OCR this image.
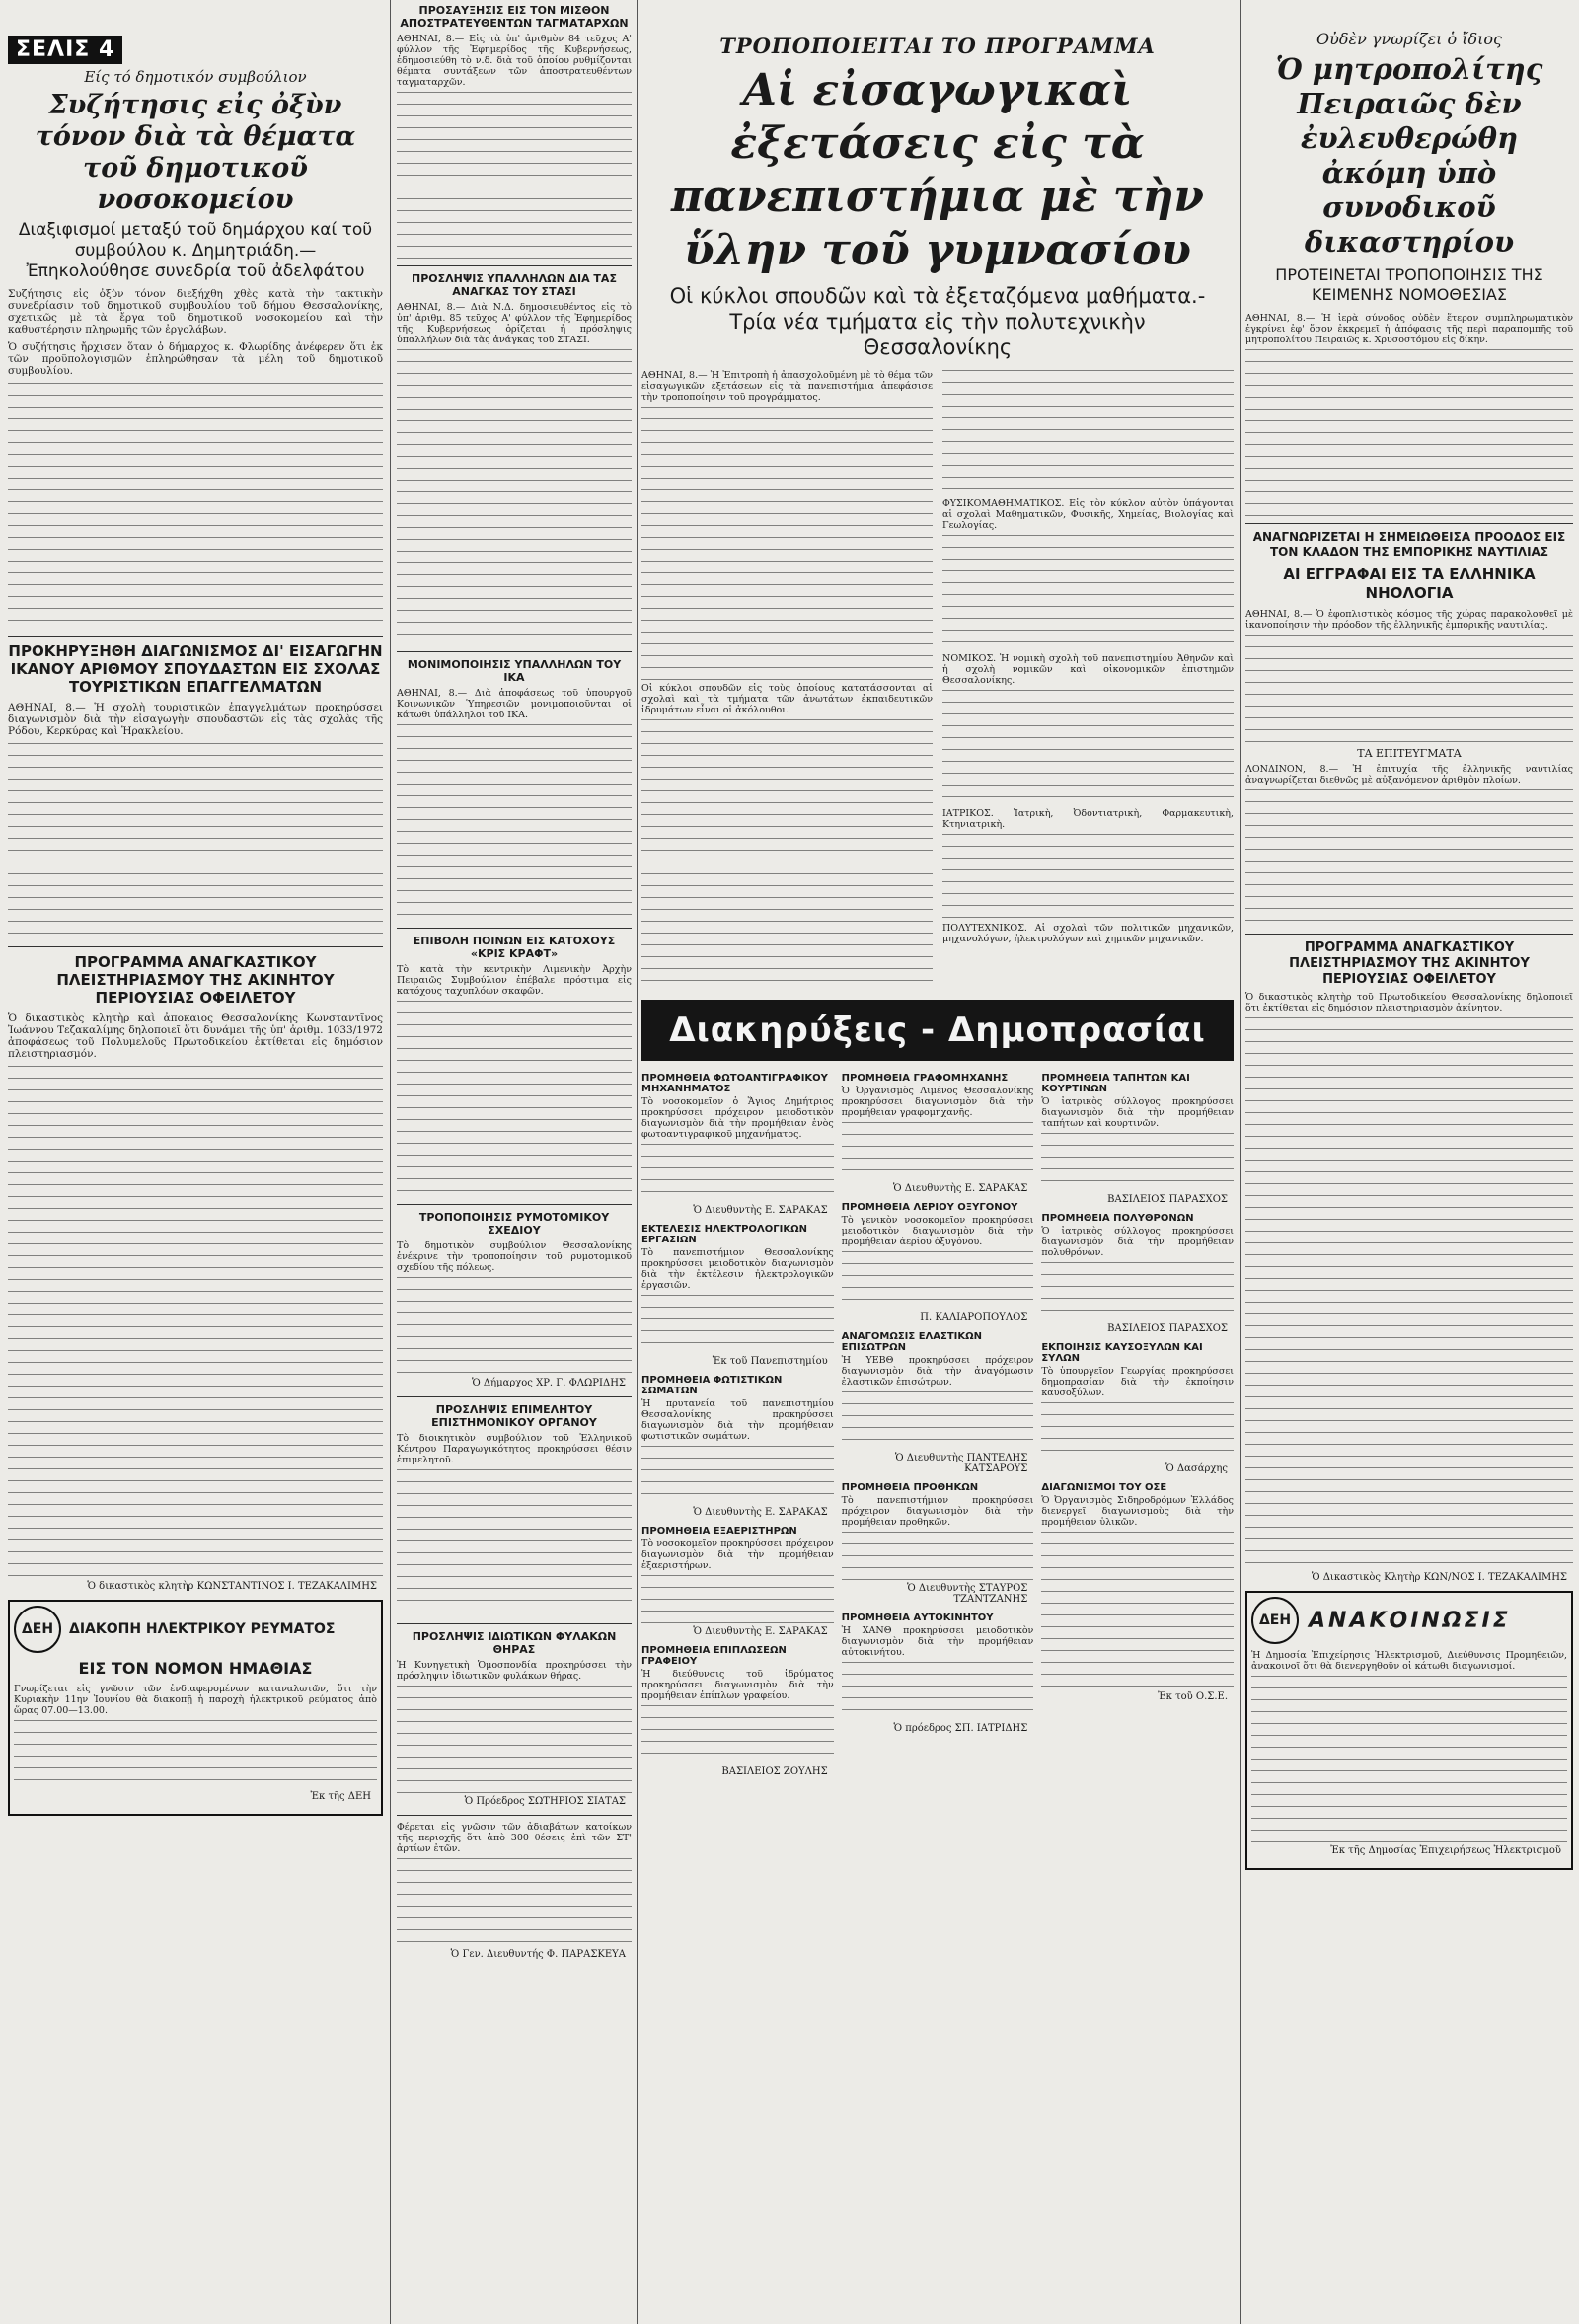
ΣΕΛΙΣ 4
Είς τό δημοτικόν συμβούλιον
Συζήτησις εἰς ὀξὺν τόνον διὰ τὰ θέματα τοῦ δημοτικοῦ νοσοκομείου
Διαξιφισμοί μεταξύ τοῦ δημάρχου καί τοῦ συμβούλου κ. Δημητριάδη.— Ἐπηκολούθησε συνεδρία τοῦ ἀδελφάτου

Συζήτησις εἰς ὀξὺν τόνον διεξήχθη χθὲς κατὰ τὴν τακτικὴν συνεδρίασιν τοῦ δημοτικοῦ συμβουλίου τοῦ δήμου Θεσσαλονίκης, σχετικῶς μὲ τὰ ἔργα τοῦ δημοτικοῦ νοσοκομείου καὶ τὴν καθυστέρησιν πληρωμῆς τῶν ἐργολάβων.

Ὁ συζήτησις ἤρχισεν ὅταν ὁ δήμαρχος κ. Φλωρίδης ἀνέφερεν ὅτι ἐκ τῶν προϋπολογισμῶν ἐπληρώθησαν τὰ μέλη τοῦ δημοτικοῦ συμβουλίου.

ΠΡΟΚΗΡΥΞΗΘΗ ΔΙΑΓΩΝΙΣΜΟΣ ΔΙ' ΕΙΣΑΓΩΓΗΝ ΙΚΑΝΟΥ ΑΡΙΘΜΟΥ ΣΠΟΥΔΑΣΤΩΝ ΕΙΣ ΣΧΟΛΑΣ ΤΟΥΡΙΣΤΙΚΩΝ ΕΠΑΓΓΕΛΜΑΤΩΝ

ΑΘΗΝΑΙ, 8.— Ἡ σχολὴ τουριστικῶν ἐπαγγελμάτων προκηρύσσει διαγωνισμὸν διὰ τὴν εἰσαγωγὴν σπουδαστῶν εἰς τὰς σχολὰς τῆς Ρόδου, Κερκύρας καὶ Ἡρακλείου.

ΠΡΟΓΡΑΜΜΑ ΑΝΑΓΚΑΣΤΙΚΟΥ ΠΛΕΙΣΤΗΡΙΑΣΜΟΥ ΤΗΣ ΑΚΙΝΗΤΟΥ ΠΕΡΙΟΥΣΙΑΣ ΟΦΕΙΛΕΤΟΥ

Ὁ δικαστικὸς κλητὴρ καὶ ἀποκαιος Θεσσαλονίκης Κωνσταντῖνος Ἰωάννου Τεζακαλίμης δηλοποιεῖ ὅτι δυνάμει τῆς ὑπ' ἀριθμ. 1033/1972 ἀποφάσεως τοῦ Πολυμελοῦς Πρωτοδικείου ἐκτίθεται εἰς δημόσιον πλειστηριασμόν.

Ὁ δικαστικὸς κλητὴρ ΚΩΝΣΤΑΝΤΙΝΟΣ Ι. ΤΕΖΑΚΑΛΙΜΗΣ
ΔΕΗ	ΔΙΑΚΟΠΗ ΗΛΕΚΤΡΙΚΟΥ ΡΕΥΜΑΤΟΣ
ΕΙΣ ΤΟΝ ΝΟΜΟΝ ΗΜΑΘΙΑΣ

Γνωρίζεται εἰς γνῶσιν τῶν ἐνδιαφερομένων καταναλωτῶν, ὅτι τὴν Κυριακὴν 11ην Ἰουνίου θὰ διακοπῇ ἡ παροχὴ ἠλεκτρικοῦ ρεύματος ἀπὸ ὥρας 07.00—13.00.

Ἐκ τῆς ΔΕΗ
ΠΡΟΣΑΥΞΗΣΙΣ ΕΙΣ ΤΟΝ ΜΙΣΘΟΝ ΑΠΟΣΤΡΑΤΕΥΘΕΝΤΩΝ ΤΑΓΜΑΤΑΡΧΩΝ

ΑΘΗΝΑΙ, 8.— Εἰς τὰ ὑπ' ἀριθμὸν 84 τεῦχος Α' φύλλον τῆς Ἐφημερίδος τῆς Κυβερνήσεως, ἐδημοσιεύθη τὸ ν.δ. διὰ τοῦ ὁποίου ρυθμίζονται θέματα συντάξεων τῶν ἀποστρατευθέντων ταγματαρχῶν.

ΠΡΟΣΛΗΨΙΣ ΥΠΑΛΛΗΛΩΝ ΔΙΑ ΤΑΣ ΑΝΑΓΚΑΣ ΤΟΥ ΣΤΑΣΙ

ΑΘΗΝΑΙ, 8.— Διὰ Ν.Δ. δημοσιευθέντος εἰς τὸ ὑπ' ἀριθμ. 85 τεῦχος Α' φύλλον τῆς Ἐφημερίδος τῆς Κυβερνήσεως ὁρίζεται ἡ πρόσληψις ὑπαλλήλων διὰ τὰς ἀνάγκας τοῦ ΣΤΑΣΙ.

ΜΟΝΙΜΟΠΟΙΗΣΙΣ ΥΠΑΛΛΗΛΩΝ ΤΟΥ ΙΚΑ

ΑΘΗΝΑΙ, 8.— Διὰ ἀποφάσεως τοῦ ὑπουργοῦ Κοινωνικῶν Ὑπηρεσιῶν μονιμοποιοῦνται οἱ κάτωθι ὑπάλληλοι τοῦ ΙΚΑ.

ΕΠΙΒΟΛΗ ΠΟΙΝΩΝ ΕΙΣ ΚΑΤΟΧΟΥΣ «ΚΡΙΣ ΚΡΑΦΤ»

Τὸ κατὰ τὴν κεντρικὴν Λιμενικὴν Ἀρχὴν Πειραιῶς Συμβούλιον ἐπέβαλε πρόστιμα εἰς κατόχους ταχυπλόων σκαφῶν.

ΤΡΟΠΟΠΟΙΗΣΙΣ ΡΥΜΟΤΟΜΙΚΟΥ ΣΧΕΔΙΟΥ

Τὸ δημοτικὸν συμβούλιον Θεσσαλονίκης ἐνέκρινε τὴν τροποποίησιν τοῦ ρυμοτομικοῦ σχεδίου τῆς πόλεως.

Ὁ Δήμαρχος ΧΡ. Γ. ΦΛΩΡΙΔΗΣ
ΠΡΟΣΛΗΨΙΣ ΕΠΙΜΕΛΗΤΟΥ ΕΠΙΣΤΗΜΟΝΙΚΟΥ ΟΡΓΑΝΟΥ

Τὸ διοικητικὸν συμβούλιον τοῦ Ἑλληνικοῦ Κέντρου Παραγωγικότητος προκηρύσσει θέσιν ἐπιμελητοῦ.

ΠΡΟΣΛΗΨΙΣ ΙΔΙΩΤΙΚΩΝ ΦΥΛΑΚΩΝ ΘΗΡΑΣ

Ἡ Κυνηγετικὴ Ὁμοσπονδία προκηρύσσει τὴν πρόσληψιν ἰδιωτικῶν φυλάκων θήρας.

Ὁ Πρόεδρος ΣΩΤΗΡΙΟΣ ΣΙΑΤΑΣ

Φέρεται εἰς γνῶσιν τῶν ἀδιαβάτων κατοίκων τῆς περιοχῆς ὅτι ἀπὸ 300 θέσεις ἐπὶ τῶν ΣΤ' ἀρτίων ἐτῶν.

Ὁ Γεν. Διευθυντής Φ. ΠΑΡΑΣΚΕΥΑ
ΤΡΟΠΟΠΟΙΕΙΤΑΙ ΤΟ ΠΡΟΓΡΑΜΜΑ
Αἱ εἰσαγωγικαὶ ἐξετάσεις εἰς τὰ πανεπιστήμια μὲ τὴν ὕλην τοῦ γυμνασίου
Οἱ κύκλοι σπουδῶν καὶ τὰ ἐξεταζόμενα μαθήματα.- Τρία νέα τμήματα εἰς τὴν πολυτεχνικὴν Θεσσαλονίκης

ΑΘΗΝΑΙ, 8.— Ἡ Ἐπιτροπὴ ἡ ἀπασχολοῦμένη μὲ τὸ θέμα τῶν εἰσαγωγικῶν ἐξετάσεων εἰς τὰ πανεπιστήμια ἀπεφάσισε τὴν τροποποίησιν τοῦ προγράμματος.

Οἱ κύκλοι σπουδῶν εἰς τοὺς ὁποίους κατατάσσονται αἱ σχολαὶ καὶ τὰ τμήματα τῶν ἀνωτάτων ἐκπαιδευτικῶν ἱδρυμάτων εἶναι οἱ ἀκόλουθοι.

ΦΥΣΙΚΟΜΑΘΗΜΑΤΙΚΟΣ. Εἰς τὸν κύκλον αὐτὸν ὑπάγονται αἱ σχολαὶ Μαθηματικῶν, Φυσικῆς, Χημείας, Βιολογίας καὶ Γεωλογίας.

ΝΟΜΙΚΟΣ. Ἡ νομικὴ σχολὴ τοῦ πανεπιστημίου Ἀθηνῶν καὶ ἡ σχολὴ νομικῶν καὶ οἰκονομικῶν ἐπιστημῶν Θεσσαλονίκης.

ΙΑΤΡΙΚΟΣ. Ἰατρικὴ, Ὀδοντιατρικὴ, Φαρμακευτικὴ, Κτηνιατρικὴ.

ΠΟΛΥΤΕΧΝΙΚΟΣ. Αἱ σχολαὶ τῶν πολιτικῶν μηχανικῶν, μηχανολόγων, ἠλεκτρολόγων καὶ χημικῶν μηχανικῶν.

Διακηρύξεις - Δημοπρασίαι
ΠΡΟΜΗΘΕΙΑ ΦΩΤΟΑΝΤΙΓΡΑΦΙΚΟΥ ΜΗΧΑΝΗΜΑΤΟΣ

Τὸ νοσοκομεῖον ὁ Ἅγιος Δημήτριος προκηρύσσει πρόχειρον μειοδοτικὸν διαγωνισμὸν διὰ τὴν προμήθειαν ἑνὸς φωτοαντιγραφικοῦ μηχανήματος.

Ὁ Διευθυντὴς Ε. ΣΑΡΑΚΑΣ
ΕΚΤΕΛΕΣΙΣ ΗΛΕΚΤΡΟΛΟΓΙΚΩΝ ΕΡΓΑΣΙΩΝ

Τὸ πανεπιστήμιον Θεσσαλονίκης προκηρύσσει μειοδοτικὸν διαγωνισμὸν διὰ τὴν ἐκτέλεσιν ἠλεκτρολογικῶν ἐργασιῶν.

Ἐκ τοῦ Πανεπιστημίου
ΠΡΟΜΗΘΕΙΑ ΦΩΤΙΣΤΙΚΩΝ ΣΩΜΑΤΩΝ

Ἡ πρυτανεία τοῦ πανεπιστημίου Θεσσαλονίκης προκηρύσσει διαγωνισμὸν διὰ τὴν προμήθειαν φωτιστικῶν σωμάτων.

Ὁ Διευθυντὴς Ε. ΣΑΡΑΚΑΣ
ΠΡΟΜΗΘΕΙΑ ΕΞΑΕΡΙΣΤΗΡΩΝ

Τὸ νοσοκομεῖον προκηρύσσει πρόχειρον διαγωνισμὸν διὰ τὴν προμήθειαν ἐξαεριστήρων.

Ὁ Διευθυντὴς Ε. ΣΑΡΑΚΑΣ
ΠΡΟΜΗΘΕΙΑ ΕΠΙΠΛΩΣΕΩΝ ΓΡΑΦΕΙΟΥ

Ἡ διεύθυνσις τοῦ ἱδρύματος προκηρύσσει διαγωνισμὸν διὰ τὴν προμήθειαν ἐπίπλων γραφείου.

ΒΑΣΙΛΕΙΟΣ ΖΟΥΛΗΣ
ΠΡΟΜΗΘΕΙΑ ΓΡΑΦΟΜΗΧΑΝΗΣ

Ὁ Ὀργανισμὸς Λιμένος Θεσσαλονίκης προκηρύσσει διαγωνισμὸν διὰ τὴν προμήθειαν γραφομηχανῆς.

Ὁ Διευθυντὴς Ε. ΣΑΡΑΚΑΣ
ΠΡΟΜΗΘΕΙΑ ΛΕΡΙΟΥ ΟΞΥΓΟΝΟΥ

Τὸ γενικὸν νοσοκομεῖον προκηρύσσει μειοδοτικὸν διαγωνισμὸν διὰ τὴν προμήθειαν ἀερίου ὀξυγόνου.

Π. ΚΑΛΙΑΡΟΠΟΥΛΟΣ
ΑΝΑΓΟΜΩΣΙΣ ΕΛΑΣΤΙΚΩΝ ΕΠΙΣΩΤΡΩΝ

Ἡ ΥΕΒΘ προκηρύσσει πρόχειρον διαγωνισμὸν διὰ τὴν ἀναγόμωσιν ἐλαστικῶν ἐπισώτρων.

Ὁ Διευθυντὴς ΠΑΝΤΕΛΗΣ ΚΑΤΣΑΡΟΥΣ
ΠΡΟΜΗΘΕΙΑ ΠΡΟΘΗΚΩΝ

Τὸ πανεπιστήμιον προκηρύσσει πρόχειρον διαγωνισμὸν διὰ τὴν προμήθειαν προθηκῶν.

Ὁ Διευθυντὴς ΣΤΑΥΡΟΣ ΤΖΑΝΤΖΑΝΗΣ
ΠΡΟΜΗΘΕΙΑ ΑΥΤΟΚΙΝΗΤΟΥ

Ἡ ΧΑΝΘ προκηρύσσει μειοδοτικὸν διαγωνισμὸν διὰ τὴν προμήθειαν αὐτοκινήτου.

Ὁ πρόεδρος ΣΠ. ΙΑΤΡΙΔΗΣ
ΠΡΟΜΗΘΕΙΑ ΤΑΠΗΤΩΝ ΚΑΙ ΚΟΥΡΤΙΝΩΝ

Ὁ ἰατρικὸς σύλλογος προκηρύσσει διαγωνισμὸν διὰ τὴν προμήθειαν ταπήτων καὶ κουρτινῶν.

ΒΑΣΙΛΕΙΟΣ ΠΑΡΑΣΧΟΣ
ΠΡΟΜΗΘΕΙΑ ΠΟΛΥΘΡΟΝΩΝ

Ὁ ἰατρικὸς σύλλογος προκηρύσσει διαγωνισμὸν διὰ τὴν προμήθειαν πολυθρόνων.

ΒΑΣΙΛΕΙΟΣ ΠΑΡΑΣΧΟΣ
ΕΚΠΟΙΗΣΙΣ ΚΑΥΣΟΞΥΛΩΝ ΚΑΙ ΣΥΛΩΝ

Τὸ ὑπουργεῖον Γεωργίας προκηρύσσει δημοπρασίαν διὰ τὴν ἐκποίησιν καυσοξύλων.

Ὁ Δασάρχης
ΔΙΑΓΩΝΙΣΜΟΙ ΤΟΥ ΟΣΕ

Ὁ Ὀργανισμὸς Σιδηροδρόμων Ἑλλάδος διενεργεῖ διαγωνισμοὺς διὰ τὴν προμήθειαν ὑλικῶν.

Ἐκ τοῦ Ο.Σ.Ε.
Οὐδὲν γνωρίζει ὁ ἴδιος
Ὁ μητροπολίτης Πειραιῶς δὲν ἐυλευθερώθη ἀκόμη ὑπὸ συνοδικοῦ δικαστηρίου
ΠΡΟΤΕΙΝΕΤΑΙ ΤΡΟΠΟΠΟΙΗΣΙΣ ΤΗΣ ΚΕΙΜΕΝΗΣ ΝΟΜΟΘΕΣΙΑΣ

ΑΘΗΝΑΙ, 8.— Ἡ ἱερὰ σύνοδος οὐδὲν ἕτερον συμπληρωματικὸν ἐγκρίνει ἐφ' ὅσον ἐκκρεμεῖ ἡ ἀπόφασις τῆς περὶ παραπομπῆς τοῦ μητροπολίτου Πειραιῶς κ. Χρυσοστόμου εἰς δίκην.

ΑΝΑΓΝΩΡΙΖΕΤΑΙ Η ΣΗΜΕΙΩΘΕΙΣΑ ΠΡΟΟΔΟΣ ΕΙΣ ΤΟΝ ΚΛΑΔΟΝ ΤΗΣ ΕΜΠΟΡΙΚΗΣ ΝΑΥΤΙΛΙΑΣ
ΑΙ ΕΓΓΡΑΦΑΙ ΕΙΣ ΤΑ ΕΛΛΗΝΙΚΑ ΝΗΟΛΟΓΙΑ

ΑΘΗΝΑΙ, 8.— Ὁ ἐφοπλιστικὸς κόσμος τῆς χώρας παρακολουθεῖ μὲ ἱκανοποίησιν τὴν πρόοδον τῆς ἑλληνικῆς ἐμπορικῆς ναυτιλίας.

ΤΑ ΕΠΙΤΕΥΓΜΑΤΑ

ΛΟΝΔΙΝΟΝ, 8.— Ἡ ἐπιτυχία τῆς ἑλληνικῆς ναυτιλίας ἀναγνωρίζεται διεθνῶς μὲ αὐξανόμενον ἀριθμὸν πλοίων.

ΠΡΟΓΡΑΜΜΑ ΑΝΑΓΚΑΣΤΙΚΟΥ ΠΛΕΙΣΤΗΡΙΑΣΜΟΥ ΤΗΣ ΑΚΙΝΗΤΟΥ ΠΕΡΙΟΥΣΙΑΣ ΟΦΕΙΛΕΤΟΥ

Ὁ δικαστικὸς κλητὴρ τοῦ Πρωτοδικείου Θεσσαλονίκης δηλοποιεῖ ὅτι ἐκτίθεται εἰς δημόσιον πλειστηριασμὸν ἀκίνητον.

Ὁ Δικαστικὸς Κλητὴρ ΚΩΝ/ΝΟΣ Ι. ΤΕΖΑΚΑΛΙΜΗΣ
ΔΕΗ ΑΝΑΚΟΙΝΩΣΙΣ

Ἡ Δημοσία Ἐπιχείρησις Ἠλεκτρισμοῦ, Διεύθυνσις Προμηθειῶν, ἀνακοινοῖ ὅτι θὰ διενεργηθοῦν οἱ κάτωθι διαγωνισμοί.

Ἐκ τῆς Δημοσίας Ἐπιχειρήσεως Ἠλεκτρισμοῦ
